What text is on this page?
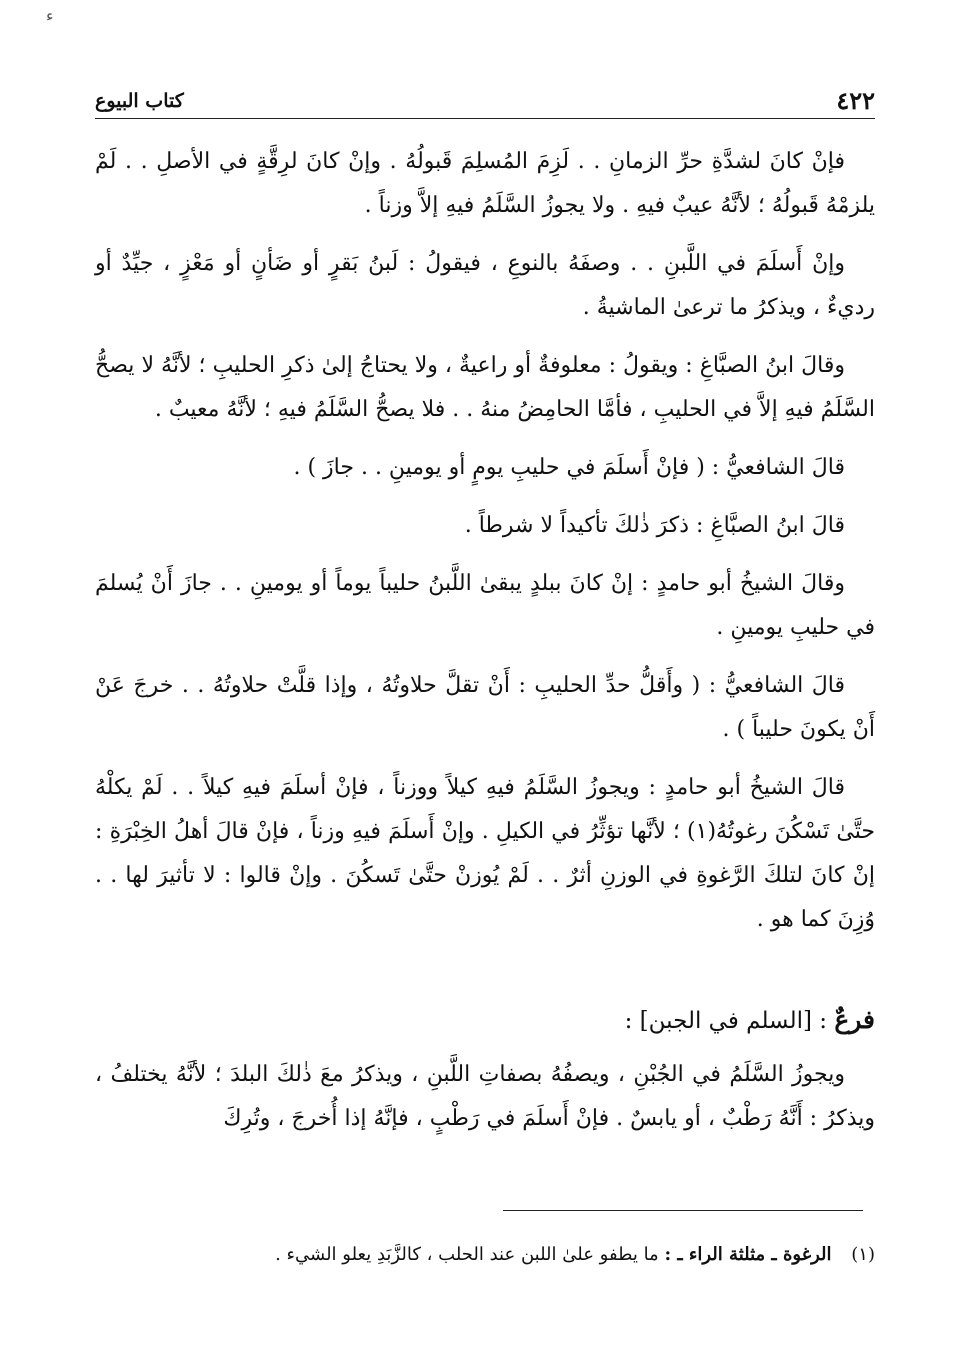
ء
٤٢٢
كتاب البيوع

فإنْ كانَ لشدَّةِ حرِّ الزمانِ . . لَزِمَ المُسلِمَ قَبولُهُ . وإنْ كانَ لرِقَّةٍ في الأصلِ . . لَمْ يلزمْهُ قَبولُهُ ؛ لأنَّهُ عيبٌ فيهِ . ولا يجوزُ السَّلَمُ فيهِ إلاَّ وزناً .

وإنْ أَسلَمَ في اللَّبنِ . . وصفَهُ بالنوعِ ، فيقولُ : لَبنُ بَقرٍ أو ضَأنٍ أو مَعْزٍ ، جيِّدٌ أو رديءٌ ، ويذكرُ ما ترعىٰ الماشيةُ .

وقالَ ابنُ الصبَّاغِ : ويقولُ : معلوفةٌ أو راعيةٌ ، ولا يحتاجُ إلىٰ ذكرِ الحليبِ ؛ لأنَّهُ لا يصحُّ السَّلَمُ فيهِ إلاَّ في الحليبِ ، فأمَّا الحامِضُ منهُ . . فلا يصحُّ السَّلَمُ فيهِ ؛ لأنَّهُ معيبٌ .

قالَ الشافعيُّ : ( فإنْ أَسلَمَ في حليبِ يومٍ أو يومينِ . . جازَ ) .

قالَ ابنُ الصبَّاغِ : ذكرَ ذٰلكَ تأكيداً لا شرطاً .

وقالَ الشيخُ أبو حامدٍ : إنْ كانَ ببلدٍ يبقىٰ اللَّبنُ حليباً يوماً أو يومينِ . . جازَ أَنْ يُسلمَ في حليبِ يومينِ .

قالَ الشافعيُّ : ( وأَقلُّ حدِّ الحليبِ : أَنْ تقلَّ حلاوتُهُ ، وإذا قلَّتْ حلاوتُهُ . . خرجَ عَنْ أَنْ يكونَ حليباً ) .

قالَ الشيخُ أبو حامدٍ : ويجوزُ السَّلَمُ فيهِ كيلاً ووزناً ، فإنْ أسلَمَ فيهِ كيلاً . . لَمْ يكلْهُ حتَّىٰ تَسْكُنَ رغوتُهُ(١) ؛ لأنَّها تؤثِّرُ في الكيلِ . وإنْ أَسلَمَ فيهِ وزناً ، فإنْ قالَ أهلُ الخِبْرَةِ : إنْ كانَ لتلكَ الرَّغوةِ في الوزنِ أثرٌ . . لَمْ يُوزنْ حتَّىٰ تَسكُنَ . وإنْ قالوا : لا تأثيرَ لها . . وُزِنَ كما هو .

فرعٌ : [السلم في الجبن] :

ويجوزُ السَّلَمُ في الجُبْنِ ، ويصفُهُ بصفاتِ اللَّبنِ ، ويذكرُ معَ ذٰلكَ البلدَ ؛ لأنَّهُ يختلفُ ، ويذكرُ : أَنَّهُ رَطْبٌ ، أو يابسٌ . فإنْ أَسلَمَ في رَطْبٍ ، فإنَّهُ إذا أُخرجَ ، وتُرِكَ

(١) الرغوة ـ مثلثة الراء ـ : ما يطفو علىٰ اللبن عند الحلب ، كالزَّبَدِ يعلو الشيء .
